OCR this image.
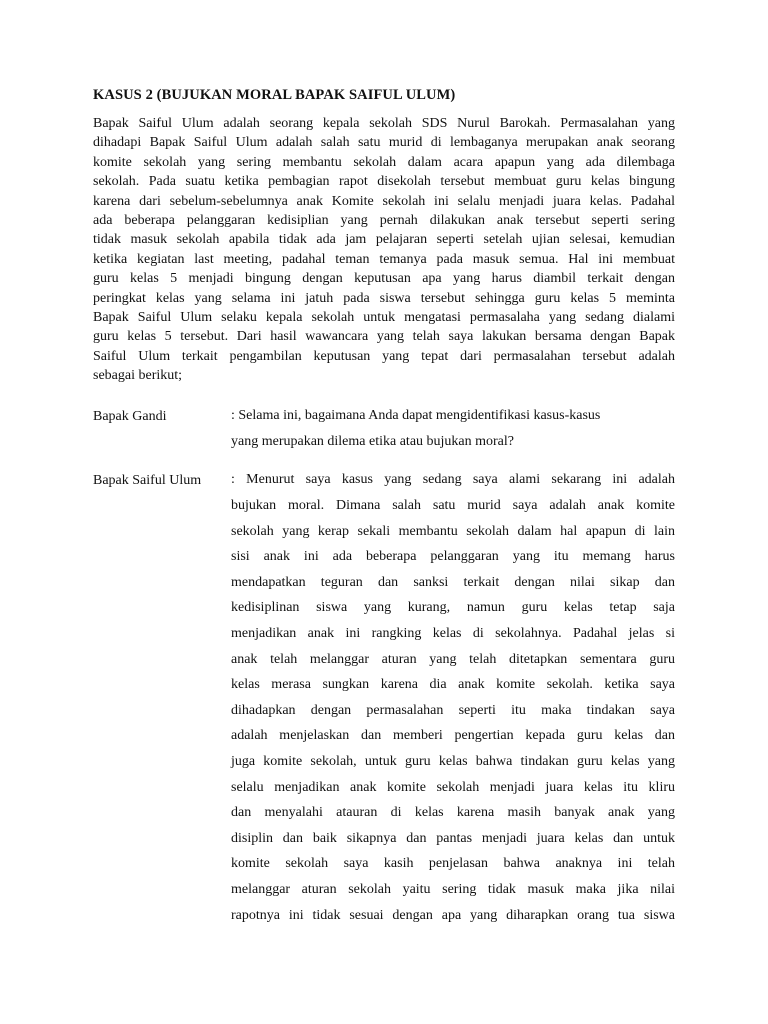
KASUS 2 (BUJUKAN MORAL BAPAK SAIFUL ULUM)
Bapak Saiful Ulum adalah seorang kepala sekolah SDS Nurul Barokah. Permasalahan yang
dihadapi Bapak Saiful Ulum adalah salah satu murid di lembaganya merupakan anak seorang
komite sekolah yang sering membantu sekolah dalam acara apapun yang ada dilembaga
sekolah. Pada suatu ketika pembagian rapot disekolah tersebut membuat guru kelas bingung
karena dari sebelum-sebelumnya anak Komite sekolah ini selalu menjadi juara kelas. Padahal
ada beberapa pelanggaran kedisiplian yang pernah dilakukan anak tersebut seperti sering
tidak masuk sekolah apabila tidak ada jam pelajaran seperti setelah ujian selesai, kemudian
ketika kegiatan last meeting, padahal teman temanya pada masuk semua. Hal ini membuat
guru kelas 5 menjadi bingung dengan keputusan apa yang harus diambil terkait dengan
peringkat kelas yang selama ini jatuh pada siswa tersebut sehingga guru kelas 5 meminta
Bapak Saiful Ulum selaku kepala sekolah untuk mengatasi permasalaha yang sedang dialami
guru kelas 5 tersebut. Dari hasil wawancara yang telah saya lakukan bersama dengan Bapak
Saiful Ulum terkait pengambilan keputusan yang tepat dari permasalahan tersebut adalah
sebagai berikut;
Bapak Gandi	: Selama ini, bagaimana Anda dapat mengidentifikasi kasus-kasus
yang merupakan dilema etika atau bujukan moral?
Bapak Saiful Ulum : Menurut saya kasus yang sedang saya alami sekarang ini adalah
bujukan moral. Dimana salah satu murid saya adalah anak komite
sekolah yang kerap sekali membantu sekolah dalam hal apapun di lain
sisi anak ini ada beberapa pelanggaran yang itu memang harus
mendapatkan teguran dan sanksi terkait dengan nilai sikap dan
kedisiplinan siswa yang kurang, namun guru kelas tetap saja
menjadikan anak ini rangking kelas di sekolahnya. Padahal jelas si
anak telah melanggar aturan yang telah ditetapkan sementara guru
kelas merasa sungkan karena dia anak komite sekolah. ketika saya
dihadapkan dengan permasalahan seperti itu maka tindakan saya
adalah menjelaskan dan memberi pengertian kepada guru kelas dan
juga komite sekolah, untuk guru kelas bahwa tindakan guru kelas yang
selalu menjadikan anak komite sekolah menjadi juara kelas itu kliru
dan menyalahi atauran di kelas karena masih banyak anak yang
disiplin dan baik sikapnya dan pantas menjadi juara kelas dan untuk
komite sekolah saya kasih penjelasan bahwa anaknya ini telah
melanggar aturan sekolah yaitu sering tidak masuk maka jika nilai
rapotnya ini tidak sesuai dengan apa yang diharapkan orang tua siswa
